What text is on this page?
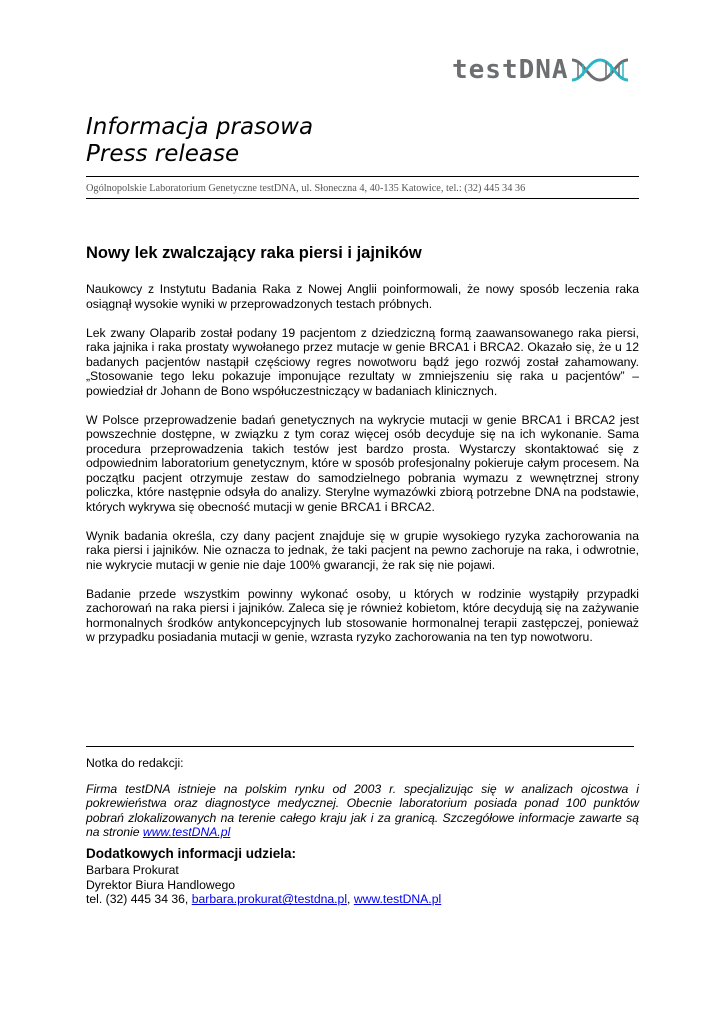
testDNA
Informacja prasowa
Press release
Ogólnopolskie Laboratorium Genetyczne testDNA, ul. Słoneczna 4, 40-135 Katowice, tel.: (32) 445 34 36
Nowy lek zwalczający raka piersi i jajników

Naukowcy z Instytutu Badania Raka z Nowej Anglii poinformowali, że nowy sposób leczenia raka osiągnął wysokie wyniki w przeprowadzonych testach próbnych.

Lek zwany Olaparib został podany 19 pacjentom z dziedziczną formą zaawansowanego raka piersi, raka jajnika i raka prostaty wywołanego przez mutacje w genie BRCA1 i BRCA2. Okazało się, że u 12 badanych pacjentów nastąpił częściowy regres nowotworu bądź jego rozwój został zahamowany. „Stosowanie tego leku pokazuje imponujące rezultaty w zmniejszeniu się raka u pacjentów” – powiedział dr Johann de Bono współuczestniczący w badaniach klinicznych.

W Polsce przeprowadzenie badań genetycznych na wykrycie mutacji w genie BRCA1 i BRCA2 jest powszechnie dostępne, w związku z tym coraz więcej osób decyduje się na ich wykonanie. Sama procedura przeprowadzenia takich testów jest bardzo prosta. Wystarczy skontaktować się z odpowiednim laboratorium genetycznym, które w sposób profesjonalny pokieruje całym procesem. Na początku pacjent otrzymuje zestaw do samodzielnego pobrania wymazu z wewnętrznej strony policzka, które następnie odsyła do analizy. Sterylne wymazówki zbiorą potrzebne DNA na podstawie, których wykrywa się obecność mutacji w genie BRCA1 i BRCA2.

Wynik badania określa, czy dany pacjent znajduje się w grupie wysokiego ryzyka zachorowania na raka piersi i jajników. Nie oznacza to jednak, że taki pacjent na pewno zachoruje na raka, i odwrotnie, nie wykrycie mutacji w genie nie daje 100% gwarancji, że rak się nie pojawi.

Badanie przede wszystkim powinny wykonać osoby, u których w rodzinie wystąpiły przypadki zachorowań na raka piersi i jajników. Zaleca się je również kobietom, które decydują się na zażywanie hormonalnych środków antykoncepcyjnych lub stosowanie hormonalnej terapii zastępczej, ponieważ w przypadku posiadania mutacji w genie, wzrasta ryzyko zachorowania na ten typ nowotworu.

Notka do redakcji:

Firma testDNA istnieje na polskim rynku od 2003 r. specjalizując się w analizach ojcostwa i pokrewieństwa oraz diagnostyce medycznej. Obecnie laboratorium posiada ponad 100 punktów pobrań zlokalizowanych na terenie całego kraju jak i za granicą. Szczegółowe informacje zawarte są na stronie www.testDNA.pl

Dodatkowych informacji udziela:
Barbara Prokurat
Dyrektor Biura Handlowego
tel. (32) 445 34 36, barbara.prokurat@testdna.pl, www.testDNA.pl
